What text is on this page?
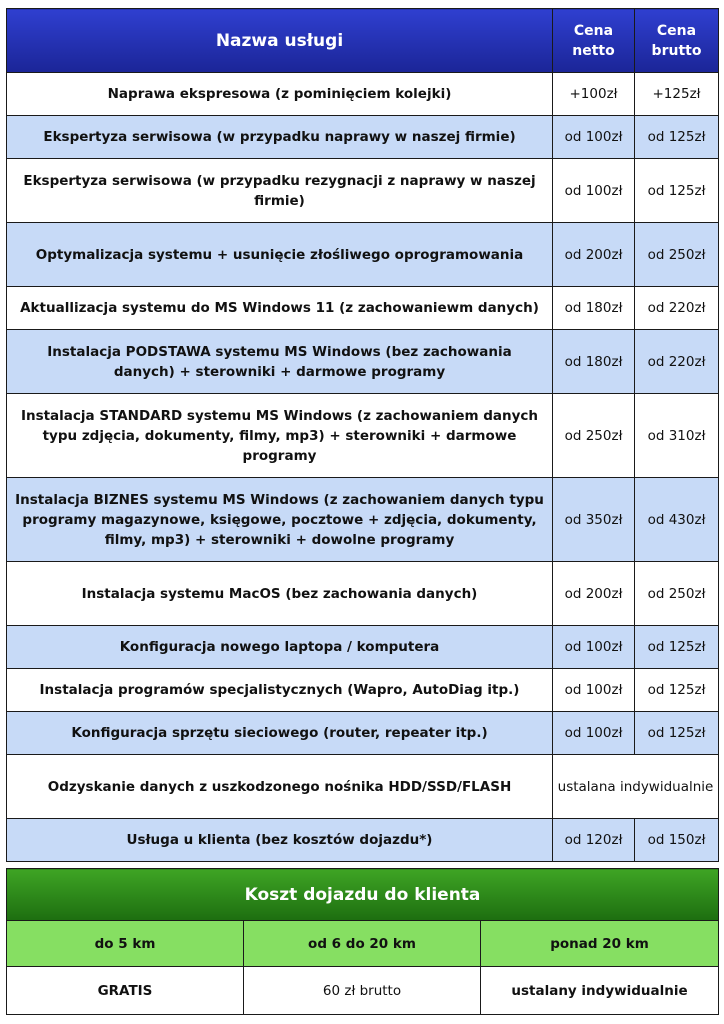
Nazwa usługi	Cena netto	Cena brutto
Naprawa ekspresowa (z pominięciem kolejki)	+100zł	+125zł
Ekspertyza serwisowa (w przypadku naprawy w naszej firmie)	od 100zł	od 125zł
Ekspertyza serwisowa (w przypadku rezygnacji z naprawy w naszej firmie)	od 100zł	od 125zł
Optymalizacja systemu + usunięcie złośliwego oprogramowania	od 200zł	od 250zł
Aktuallizacja systemu do MS Windows 11 (z zachowaniewm danych)	od 180zł	od 220zł
Instalacja PODSTAWA systemu MS Windows (bez zachowania danych) + sterowniki + darmowe programy	od 180zł	od 220zł
Instalacja STANDARD systemu MS Windows (z zachowaniem danych typu zdjęcia, dokumenty, filmy, mp3) + sterowniki + darmowe programy	od 250zł	od 310zł
Instalacja BIZNES systemu MS Windows (z zachowaniem danych typu programy magazynowe, księgowe, pocztowe + zdjęcia, dokumenty, filmy, mp3) + sterowniki + dowolne programy	od 350zł	od 430zł
Instalacja systemu MacOS (bez zachowania danych)	od 200zł	od 250zł
Konfiguracja nowego laptopa / komputera	od 100zł	od 125zł
Instalacja programów specjalistycznych (Wapro, AutoDiag itp.)	od 100zł	od 125zł
Konfiguracja sprzętu sieciowego (router, repeater itp.)	od 100zł	od 125zł
Odzyskanie danych z uszkodzonego nośnika HDD/SSD/FLASH	ustalana indywidualnie	
Usługa u klienta (bez kosztów dojazdu*)	od 120zł	od 150zł
Koszt dojazdu do klienta		
do 5 km	od 6 do 20 km	ponad 20 km
GRATIS	60 zł brutto	ustalany indywidualnie
